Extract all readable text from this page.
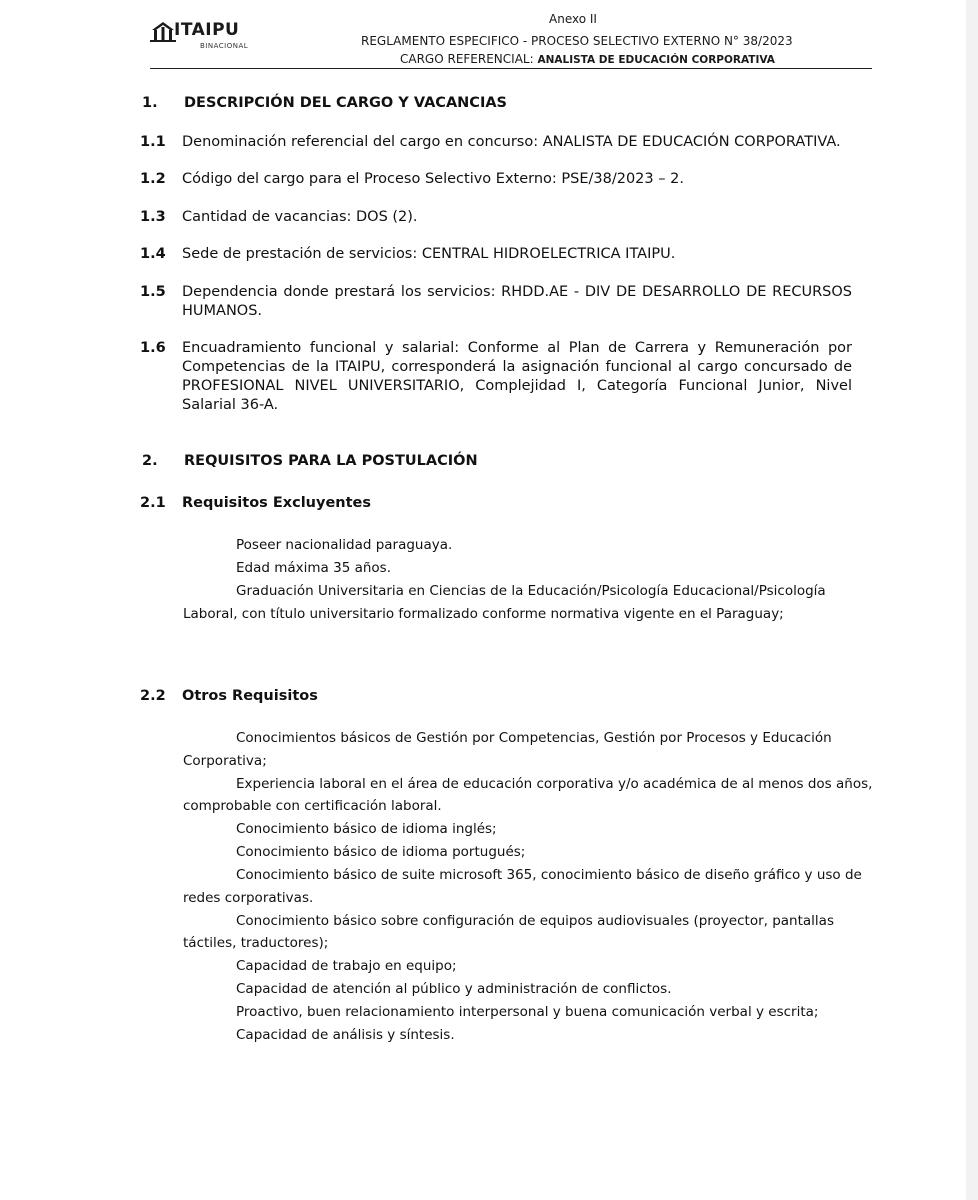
ITAIPU
BINACIONAL
Anexo II
REGLAMENTO ESPECIFICO - PROCESO SELECTIVO EXTERNO N° 38/2023
CARGO REFERENCIAL: ANALISTA DE EDUCACIÓN CORPORATIVA
1. DESCRIPCIÓN DEL CARGO Y VACANCIAS
1.1 Denominación referencial del cargo en concurso: ANALISTA DE EDUCACIÓN CORPORATIVA.
1.2 Código del cargo para el Proceso Selectivo Externo: PSE/38/2023 – 2.
1.3 Cantidad de vacancias: DOS (2).
1.4 Sede de prestación de servicios: CENTRAL HIDROELECTRICA ITAIPU.
1.5 Dependencia donde prestará los servicios: RHDD.AE - DIV DE DESARROLLO DE RECURSOS
HUMANOS.
1.6 Encuadramiento funcional y salarial: Conforme al Plan de Carrera y Remuneración por
Competencias de la ITAIPU, corresponderá la asignación funcional al cargo concursado de
PROFESIONAL NIVEL UNIVERSITARIO, Complejidad I, Categoría Funcional Junior, Nivel
Salarial 36-A.
2. REQUISITOS PARA LA POSTULACIÓN
2.1 Requisitos Excluyentes
Poseer nacionalidad paraguaya.
Edad máxima 35 años.
Graduación Universitaria en Ciencias de la Educación/Psicología Educacional/Psicología
Laboral, con título universitario formalizado conforme normativa vigente en el Paraguay;
2.2 Otros Requisitos
Conocimientos básicos de Gestión por Competencias, Gestión por Procesos y Educación
Corporativa;
Experiencia laboral en el área de educación corporativa y/o académica de al menos dos años,
comprobable con certificación laboral.
Conocimiento básico de idioma inglés;
Conocimiento básico de idioma portugués;
Conocimiento básico de suite microsoft 365, conocimiento básico de diseño gráfico y uso de
redes corporativas.
Conocimiento básico sobre configuración de equipos audiovisuales (proyector, pantallas
táctiles, traductores);
Capacidad de trabajo en equipo;
Capacidad de atención al público y administración de conflictos.
Proactivo, buen relacionamiento interpersonal y buena comunicación verbal y escrita;
Capacidad de análisis y síntesis.
